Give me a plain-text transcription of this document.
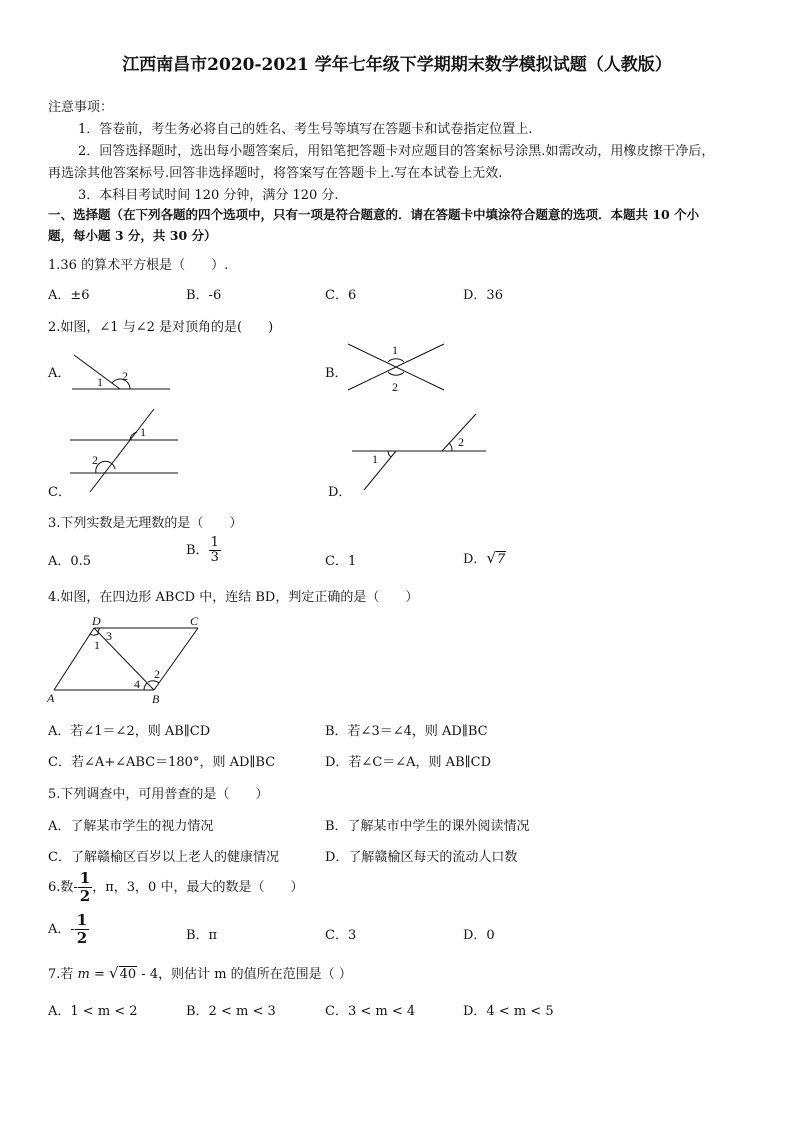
江西南昌市2020-2021 学年七年级下学期期末数学模拟试题（人教版）
注意事项：
1．答卷前，考生务必将自己的姓名、考生号等填写在答题卡和试卷指定位置上.
2．回答选择题时，选出每小题答案后，用铅笔把答题卡对应题目的答案标号涂黑.如需改动，用橡皮擦干净后，
再选涂其他答案标号.回答非选择题时，将答案写在答题卡上.写在本试卷上无效.
3．本科目考试时间 120 分钟，满分 120 分.
一、选择题（在下列各题的四个选项中，只有一项是符合题意的．请在答题卡中填涂符合题意的选项．本题共 10 个小
题，每小题 3 分，共 30 分）
1.36 的算术平方根是（　　）.
A．±6	B．-6	C．6	D．36
2.如图，∠1 与∠2 是对顶角的是(　　)
A．	B．
C．	D．
1 2
1
2
1
2	1
2
3.下列实数是无理数的是（　　）
A．0.5
B． $\frac{1}{3}$	C．1	D．√7
4.如图，在四边形 ABCD 中，连结 BD，判定正确的是（　　）
D	C
A	B
1
3
2
4
A．若∠1＝∠2，则 AB∥CD	B．若∠3＝∠4，则 AD∥BC
C．若∠A+∠ABC＝180°，则 AD∥BC	D．若∠C＝∠A，则 AB∥CD
5.下列调查中，可用普查的是（　　）
A．了解某市学生的视力情况	B．了解某市中学生的课外阅读情况
C．了解赣榆区百岁以上老人的健康情况	D．了解赣榆区每天的流动人口数
6.数- $\frac{1}{2}$ ，π，3，0 中，最大的数是（　　）
A．- $\frac{1}{2}$	B．π	C．3	D．0
7.若 m = √40 - 4，则估计 m 的值所在范围是（ ）
A．1 < m < 2	B．2 < m < 3	C．3 < m < 4	D．4 < m < 5
